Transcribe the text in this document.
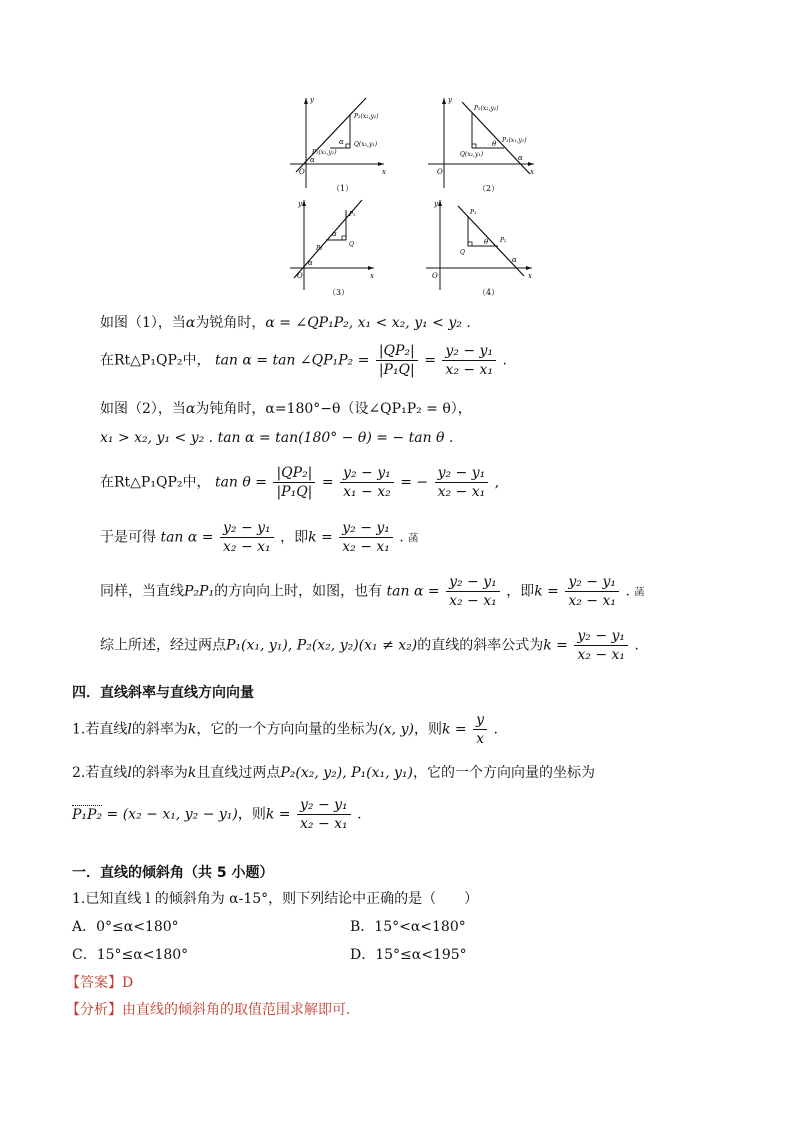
P₂(x₂,y₂)
P₁(x₁,y₁)
Q(x₂,y₁)
α
α
O	x
y
（1）
P₂(x₂,y₂)
P₁(x₁,y₁)
Q(x₂,y₁)
θ
α
O	x
y
（2）
P₁
P₂
Q
α
α
O	x
y
（3）
P₁
P₂
Q
θ
α
O	x
y
（4）
如图（1），当α为锐角时，α = ∠QP₁P₂, x₁ < x₂, y₁ < y₂ .
在Rt△P₁QP₂中， tan α = tan ∠QP₁P₂ = $\frac{\text{|QP₂|}}{\text{|P₁Q|}} = \frac{\text{y₂ − y₁}}{\text{x₂ − x₁}}$ .
如图（2），当α为钝角时，α=180°−θ（设∠QP₁P₂ = θ），
x₁ > x₂, y₁ < y₂ . tan α = tan(180° − θ) = − tan θ .
在Rt△P₁QP₂中， $\tan \theta = \frac{\text{|QP₂|}}{\text{|P₁Q|}} = \frac{\text{y₂ − y₁}}{\text{x₁ − x₂}}$ = − $\frac{\text{y₂ − y₁}}{\text{x₂ − x₁}}$ ,
于是可得 $\tan \alpha = \frac{\text{y₂ − y₁}}{\text{x₂ − x₁}}$ ，即$k = \frac{\text{y₂ − y₁}}{\text{x₂ − x₁}}$ . 菡
同样，当直线P₂P₁的方向向上时，如图，也有 $\tan \alpha = \frac{\text{y₂ − y₁}}{\text{x₂ − x₁}}$ ，即$k = \frac{\text{y₂ − y₁}}{\text{x₂ − x₁}}$ . 菡
综上所述，经过两点P₁(x₁, y₁), P₂(x₂, y₂)(x₁ ≠ x₂)的直线的斜率公式为$k = \frac{\text{y₂ − y₁}}{\text{x₂ − x₁}}$ .
四．直线斜率与直线方向向量
1.若直线l的斜率为k，它的一个方向向量的坐标为(x, y)，则$k = \frac{y}{x}$ .
2.若直线l的斜率为k且直线过两点P₂(x₂, y₂), P₁(x₁, y₁)，它的一个方向向量的坐标为
P₁P₂ = (x₂ − x₁, y₂ − y₁)，则$k = \frac{\text{y₂ − y₁}}{\text{x₂ − x₁}}$ .
一．直线的倾斜角（共 5 小题）
1.已知直线 l 的倾斜角为 α-15°，则下列结论中正确的是（　　）
A．0°≤α<180°	B．15°<α<180°
C．15°≤α<180°	D．15°≤α<195°
【答案】D
【分析】由直线的倾斜角的取值范围求解即可.
